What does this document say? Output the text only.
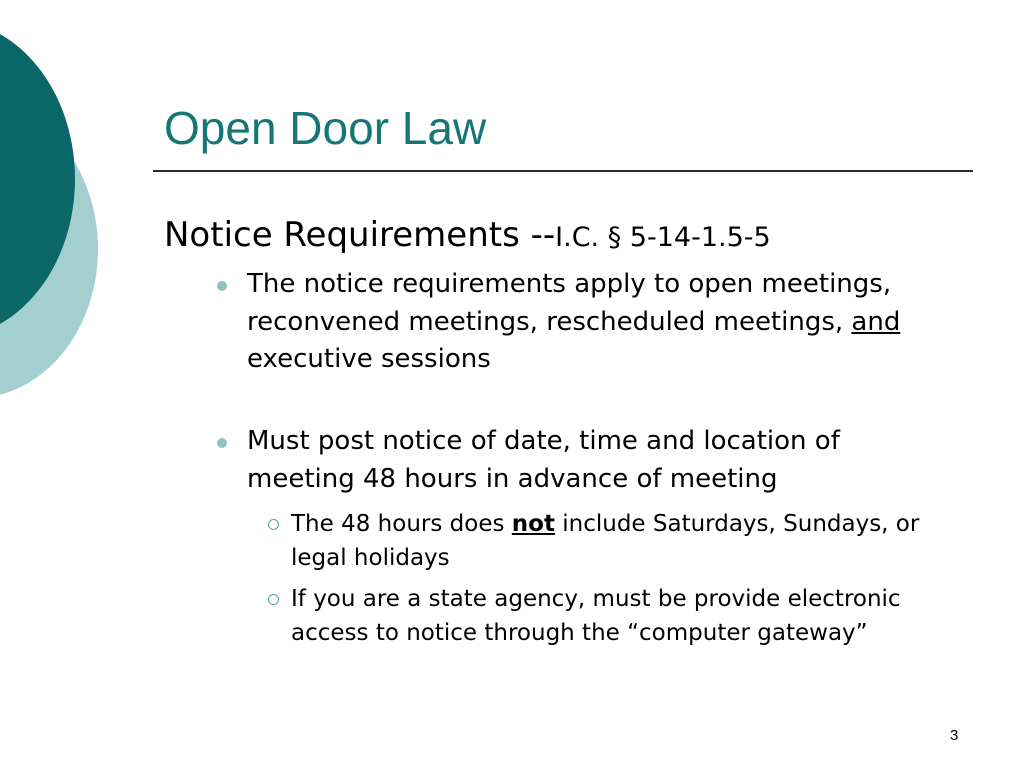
Open Door Law
Notice Requirements --I.C. § 5-14-1.5-5
The notice requirements apply to open meetings, reconvened meetings, rescheduled meetings, and executive sessions
Must post notice of date, time and location of meeting 48 hours in advance of meeting
The 48 hours does not include Saturdays, Sundays, or legal holidays
If you are a state agency, must be provide electronic access to notice through the “computer gateway”
3
